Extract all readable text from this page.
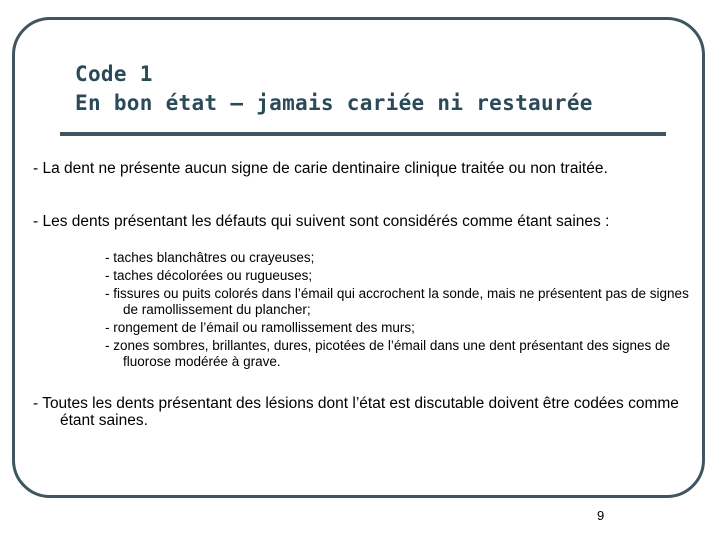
Code 1
En bon état – jamais cariée ni restaurée
- La dent ne présente aucun signe de carie dentinaire clinique traitée ou non traitée.
- Les dents présentant les défauts qui suivent sont considérés comme étant saines :
- taches blanchâtres ou crayeuses;
- taches décolorées ou rugueuses;
- fissures ou puits colorés dans l’émail qui accrochent la sonde, mais ne présentent pas de signes de ramollissement du plancher;
- rongement de l’émail ou ramollissement des murs;
- zones sombres, brillantes, dures, picotées de l’émail dans une dent présentant des signes de fluorose modérée à grave.
- Toutes les dents présentant des lésions dont l’état est discutable doivent être codées comme étant saines.
9
